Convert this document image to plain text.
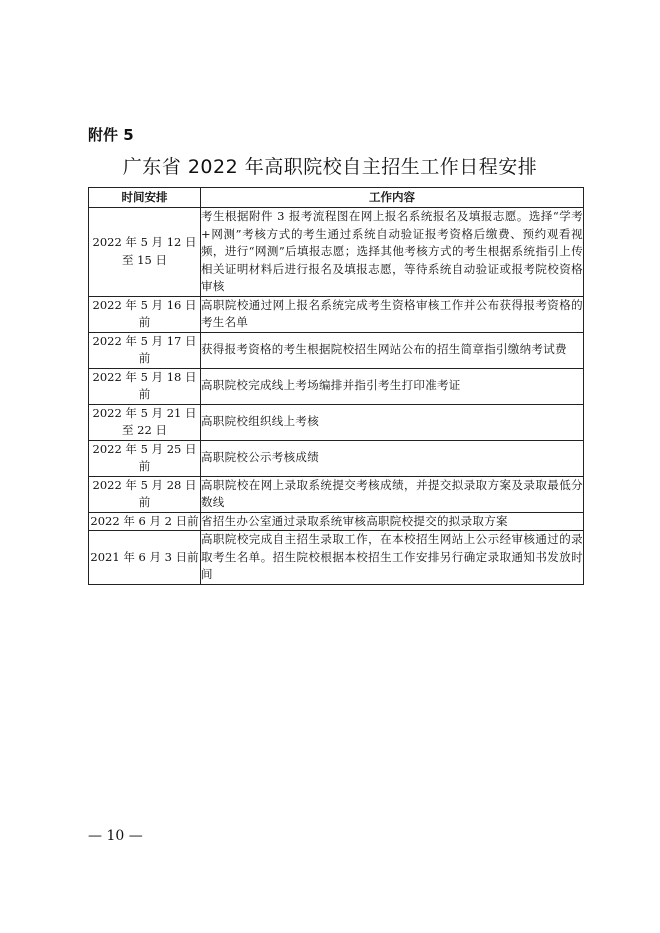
附件 5
广东省 2022 年高职院校自主招生工作日程安排
时间安排	工作内容
2022 年 5 月 12 日至 15 日	考生根据附件 3 报考流程图在网上报名系统报名及填报志愿。选择“学考+网测”考核方式的考生通过系统自动验证报考资格后缴费、预约观看视频，进行“网测”后填报志愿；选择其他考核方式的考生根据系统指引上传相关证明材料后进行报名及填报志愿，等待系统自动验证或报考院校资格审核
2022 年 5 月 16 日前	高职院校通过网上报名系统完成考生资格审核工作并公布获得报考资格的考生名单
2022 年 5 月 17 日前	获得报考资格的考生根据院校招生网站公布的招生简章指引缴纳考试费
2022 年 5 月 18 日前	高职院校完成线上考场编排并指引考生打印准考证
2022 年 5 月 21 日至 22 日	高职院校组织线上考核
2022 年 5 月 25 日前	高职院校公示考核成绩
2022 年 5 月 28 日前	高职院校在网上录取系统提交考核成绩，并提交拟录取方案及录取最低分数线
2022 年 6 月 2 日前	省招生办公室通过录取系统审核高职院校提交的拟录取方案
2021 年 6 月 3 日前	高职院校完成自主招生录取工作，在本校招生网站上公示经审核通过的录取考生名单。招生院校根据本校招生工作安排另行确定录取通知书发放时间
— 10 —
